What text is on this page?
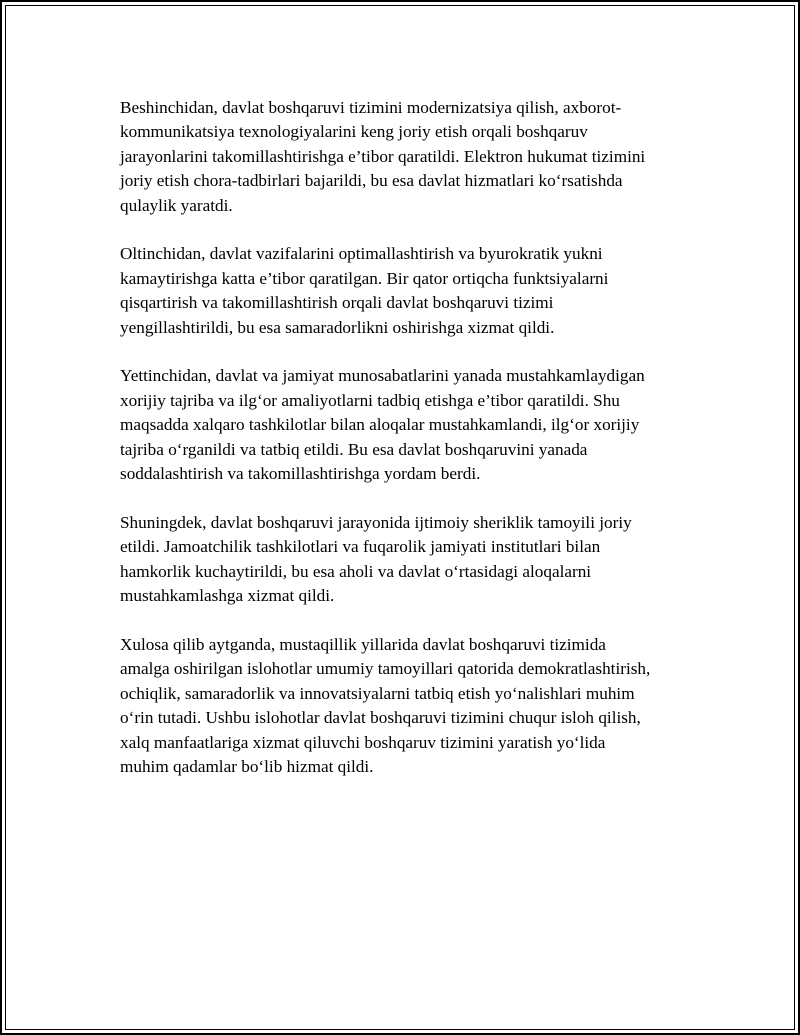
Beshinchidan, davlat boshqaruvi tizimini modernizatsiya qilish, axborot-
kommunikatsiya texnologiyalarini keng joriy etish orqali boshqaruv
jarayonlarini takomillashtirishga e’tibor qaratildi. Elektron hukumat tizimini
joriy etish chora-tadbirlari bajarildi, bu esa davlat hizmatlari ko‘rsatishda
qulaylik yaratdi.

Oltinchidan, davlat vazifalarini optimallashtirish va byurokratik yukni
kamaytirishga katta e’tibor qaratilgan. Bir qator ortiqcha funktsiyalarni
qisqartirish va takomillashtirish orqali davlat boshqaruvi tizimi
yengillashtirildi, bu esa samaradorlikni oshirishga xizmat qildi.

Yettinchidan, davlat va jamiyat munosabatlarini yanada mustahkamlaydigan
xorijiy tajriba va ilg‘or amaliyotlarni tadbiq etishga e’tibor qaratildi. Shu
maqsadda xalqaro tashkilotlar bilan aloqalar mustahkamlandi, ilg‘or xorijiy
tajriba o‘rganildi va tatbiq etildi. Bu esa davlat boshqaruvini yanada
soddalashtirish va takomillashtirishga yordam berdi.

Shuningdek, davlat boshqaruvi jarayonida ijtimoiy sheriklik tamoyili joriy
etildi. Jamoatchilik tashkilotlari va fuqarolik jamiyati institutlari bilan
hamkorlik kuchaytirildi, bu esa aholi va davlat o‘rtasidagi aloqalarni
mustahkamlashga xizmat qildi.

Xulosa qilib aytganda, mustaqillik yillarida davlat boshqaruvi tizimida
amalga oshirilgan islohotlar umumiy tamoyillari qatorida demokratlashtirish,
ochiqlik, samaradorlik va innovatsiyalarni tatbiq etish yo‘nalishlari muhim
o‘rin tutadi. Ushbu islohotlar davlat boshqaruvi tizimini chuqur isloh qilish,
xalq manfaatlariga xizmat qiluvchi boshqaruv tizimini yaratish yo‘lida
muhim qadamlar bo‘lib hizmat qildi.
